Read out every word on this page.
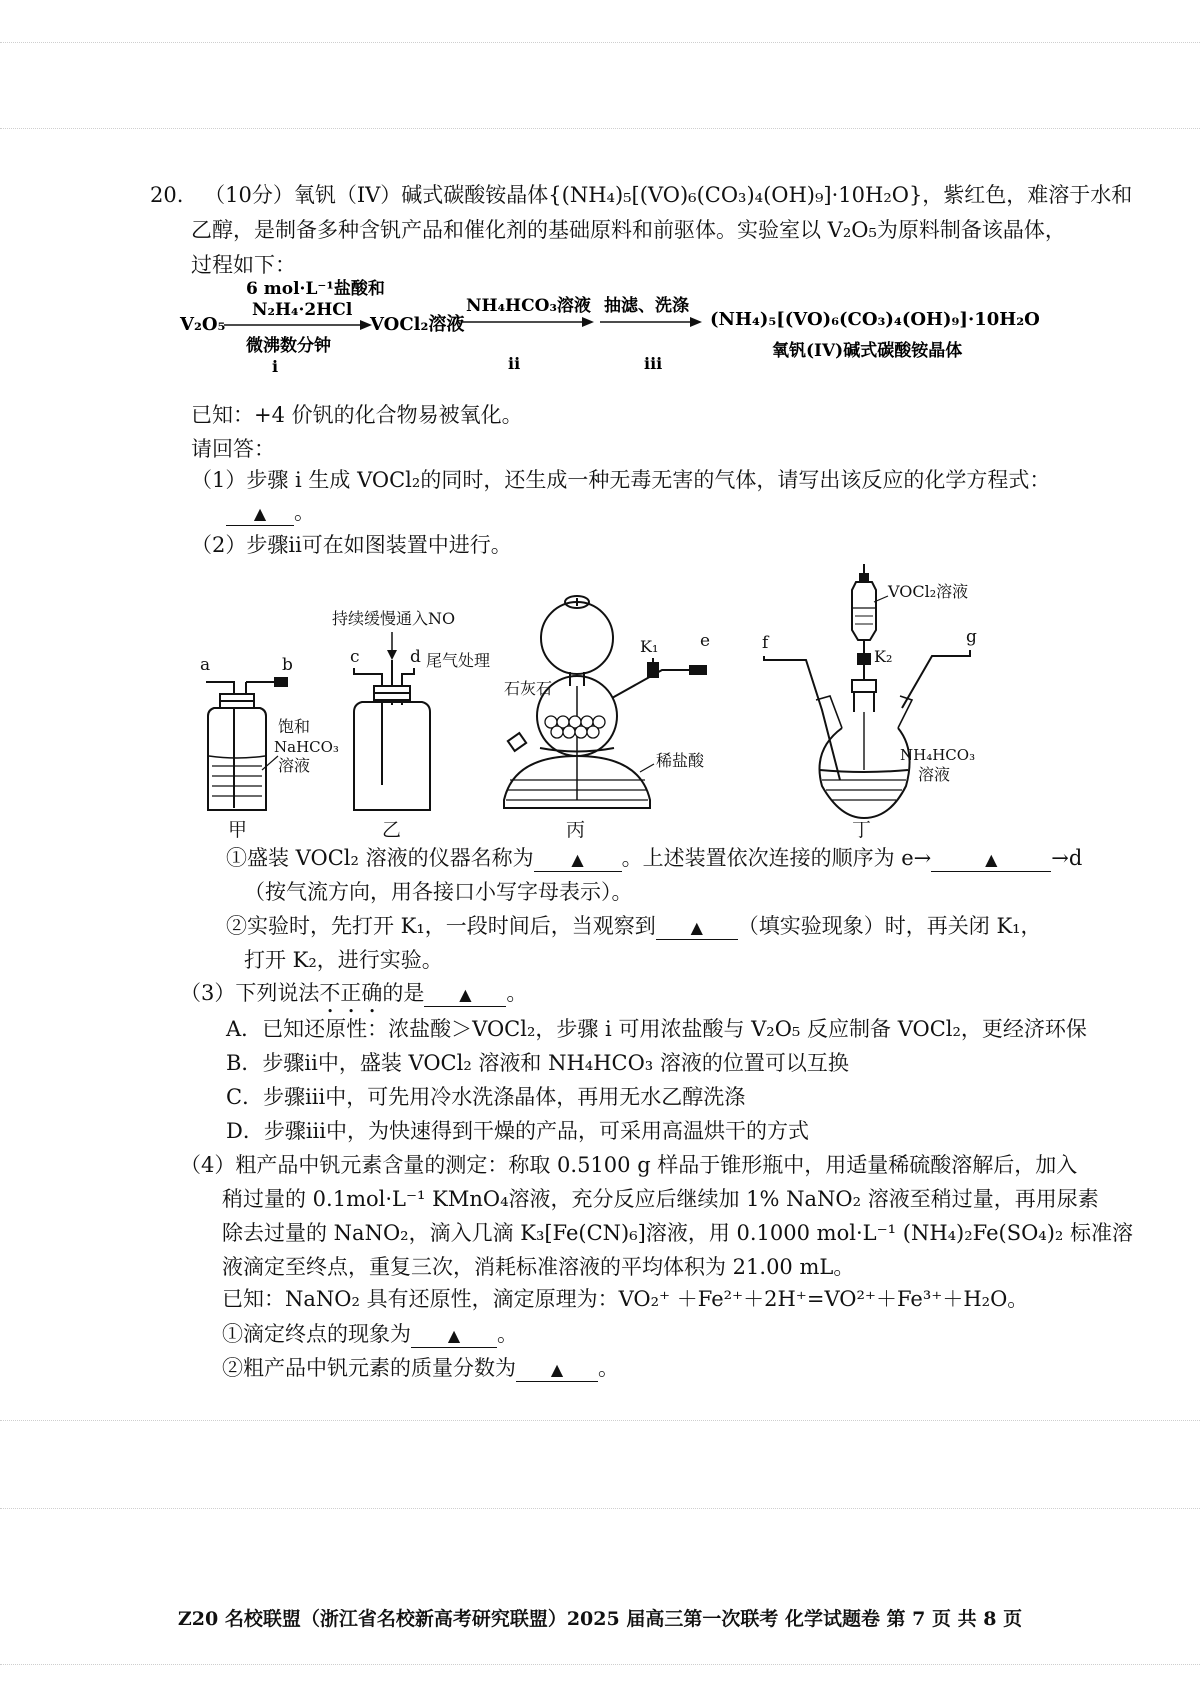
20. （10分）氧钒（IV）碱式碳酸铵晶体{(NH₄)₅[(VO)₆(CO₃)₄(OH)₉]·10H₂O}，紫红色，难溶于水和
乙醇，是制备多种含钒产品和催化剂的基础原料和前驱体。实验室以 V₂O₅为原料制备该晶体，
过程如下：
6 mol·L⁻¹盐酸和
N₂H₄·2HCl
V₂O₅
微沸数分钟
i
VOCl₂溶液
NH₄HCO₃溶液
ii
抽滤、洗涤
iii
(NH₄)₅[(VO)₆(CO₃)₄(OH)₉]·10H₂O
氧钒(IV)碱式碳酸铵晶体
已知：+4 价钒的化合物易被氧化。
请回答：
（1）步骤 i 生成 VOCl₂的同时，还生成一种无毒无害的气体，请写出该反应的化学方程式：
▲ 。
（2）步骤ii可在如图装置中进行。
a	b
饱和
NaHCO₃
溶液
甲
持续缓慢通入NO
c	d 尾气处理
乙
K₁ e
石灰石
稀盐酸
丙
VOCl₂溶液
K₂
f	g
NH₄HCO₃
溶液
丁
①盛装 VOCl₂ 溶液的仪器名称为 ▲ 。上述装置依次连接的顺序为 e→	▲	→d
（按气流方向，用各接口小写字母表示）。
②实验时，先打开 K₁，一段时间后，当观察到 ▲ （填实验现象）时，再关闭 K₁，
打开 K₂，进行实验。
（3）下列说法不正确的是 ▲ 。
A．已知还原性：浓盐酸＞VOCl₂，步骤 i 可用浓盐酸与 V₂O₅ 反应制备 VOCl₂，更经济环保
B．步骤ii中，盛装 VOCl₂ 溶液和 NH₄HCO₃ 溶液的位置可以互换
C．步骤iii中，可先用冷水洗涤晶体，再用无水乙醇洗涤
D．步骤iii中，为快速得到干燥的产品，可采用高温烘干的方式
（4）粗产品中钒元素含量的测定：称取 0.5100 g 样品于锥形瓶中，用适量稀硫酸溶解后，加入
稍过量的 0.1mol·L⁻¹ KMnO₄溶液，充分反应后继续加 1% NaNO₂ 溶液至稍过量，再用尿素
除去过量的 NaNO₂，滴入几滴 K₃[Fe(CN)₆]溶液，用 0.1000 mol·L⁻¹ (NH₄)₂Fe(SO₄)₂ 标准溶
液滴定至终点，重复三次，消耗标准溶液的平均体积为 21.00 mL。
已知：NaNO₂ 具有还原性，滴定原理为：VO₂⁺ ＋Fe²⁺＋2H⁺=VO²⁺＋Fe³⁺＋H₂O。
①滴定终点的现象为 ▲ 。
②粗产品中钒元素的质量分数为 ▲ 。
Z20 名校联盟（浙江省名校新高考研究联盟）2025 届高三第一次联考 化学试题卷 第 7 页 共 8 页
